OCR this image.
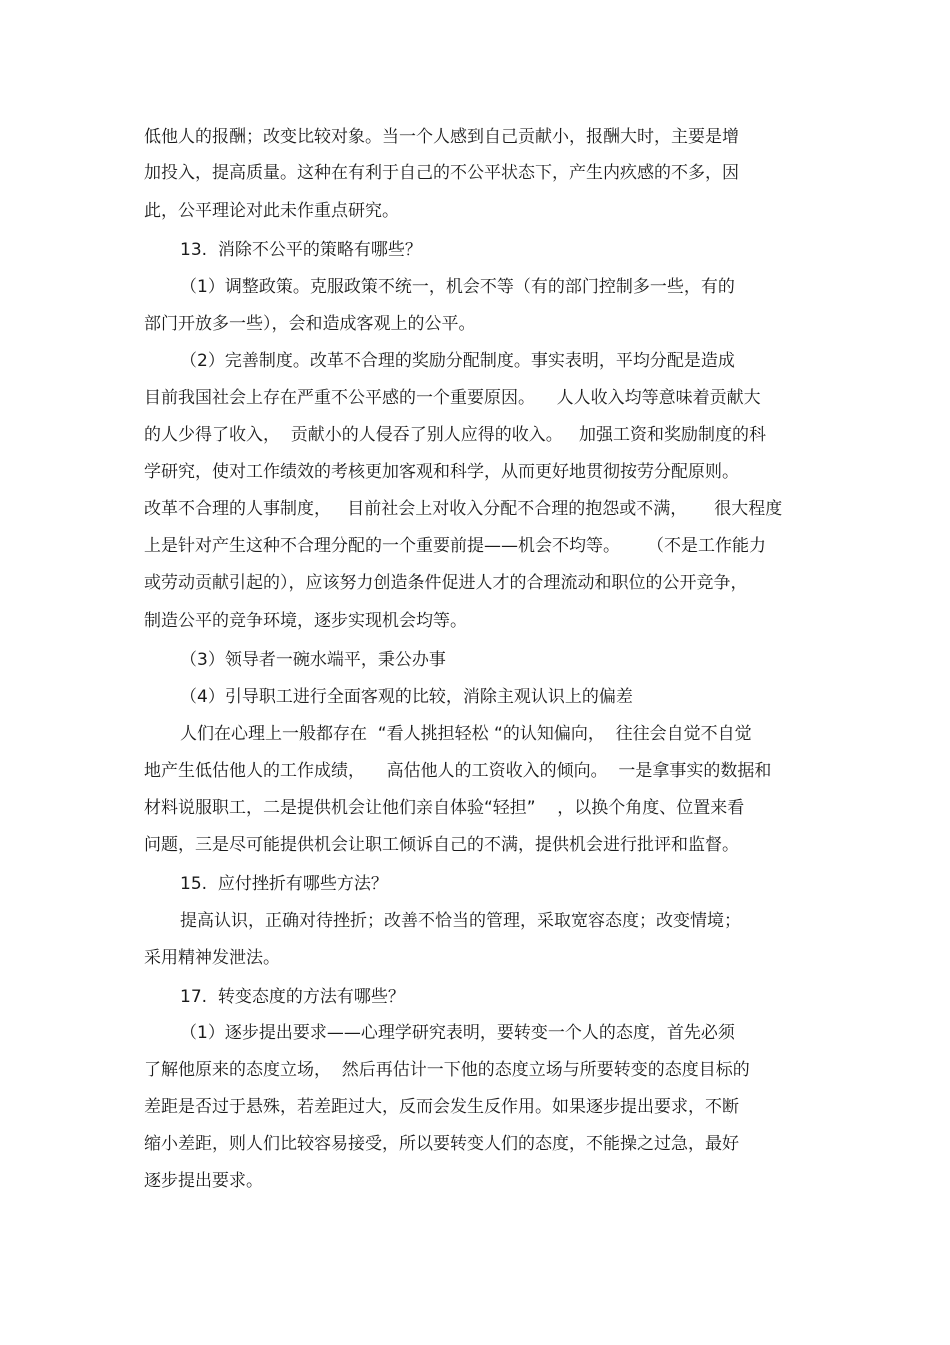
低他人的报酬；改变比较对象。当一个人感到自己贡献小，报酬大时，主要是增
加投入，提高质量。这种在有利于自己的不公平状态下，产生内疚感的不多，因
此，公平理论对此未作重点研究。
13.  消除不公平的策略有哪些？
（1）调整政策。克服政策不统一，机会不等（有的部门控制多一些，有的
部门开放多一些），会和造成客观上的公平。
（2）完善制度。改革不合理的奖励分配制度。事实表明，平均分配是造成
目前我国社会上存在严重不公平感的一个重要原因。    人人收入均等意味着贡献大
的人少得了收入，  贡献小的人侵吞了别人应得的收入。   加强工资和奖励制度的科
学研究，使对工作绩效的考核更加客观和科学，从而更好地贯彻按劳分配原则。
改革不合理的人事制度，   目前社会上对收入分配不合理的抱怨或不满，     很大程度
上是针对产生这种不合理分配的一个重要前提——机会不均等。     （不是工作能力
或劳动贡献引起的），应该努力创造条件促进人才的合理流动和职位的公开竞争，
制造公平的竞争环境，逐步实现机会均等。
（3）领导者一碗水端平，秉公办事
（4）引导职工进行全面客观的比较，消除主观认识上的偏差
人们在心理上一般都存在  “看人挑担轻松 “的认知偏向，  往往会自觉不自觉
地产生低估他人的工作成绩，    高估他人的工资收入的倾向。  一是拿事实的数据和
材料说服职工，二是提供机会让他们亲自体验“轻担”    ，以换个角度、位置来看
问题，三是尽可能提供机会让职工倾诉自己的不满，提供机会进行批评和监督。
15.  应付挫折有哪些方法？
提高认识，正确对待挫折；改善不恰当的管理，采取宽容态度；改变情境；
采用精神发泄法。
17.  转变态度的方法有哪些？
（1）逐步提出要求——心理学研究表明，要转变一个人的态度，首先必须
了解他原来的态度立场，  然后再估计一下他的态度立场与所要转变的态度目标的
差距是否过于悬殊，若差距过大，反而会发生反作用。如果逐步提出要求，不断
缩小差距，则人们比较容易接受，所以要转变人们的态度，不能操之过急，最好
逐步提出要求。
